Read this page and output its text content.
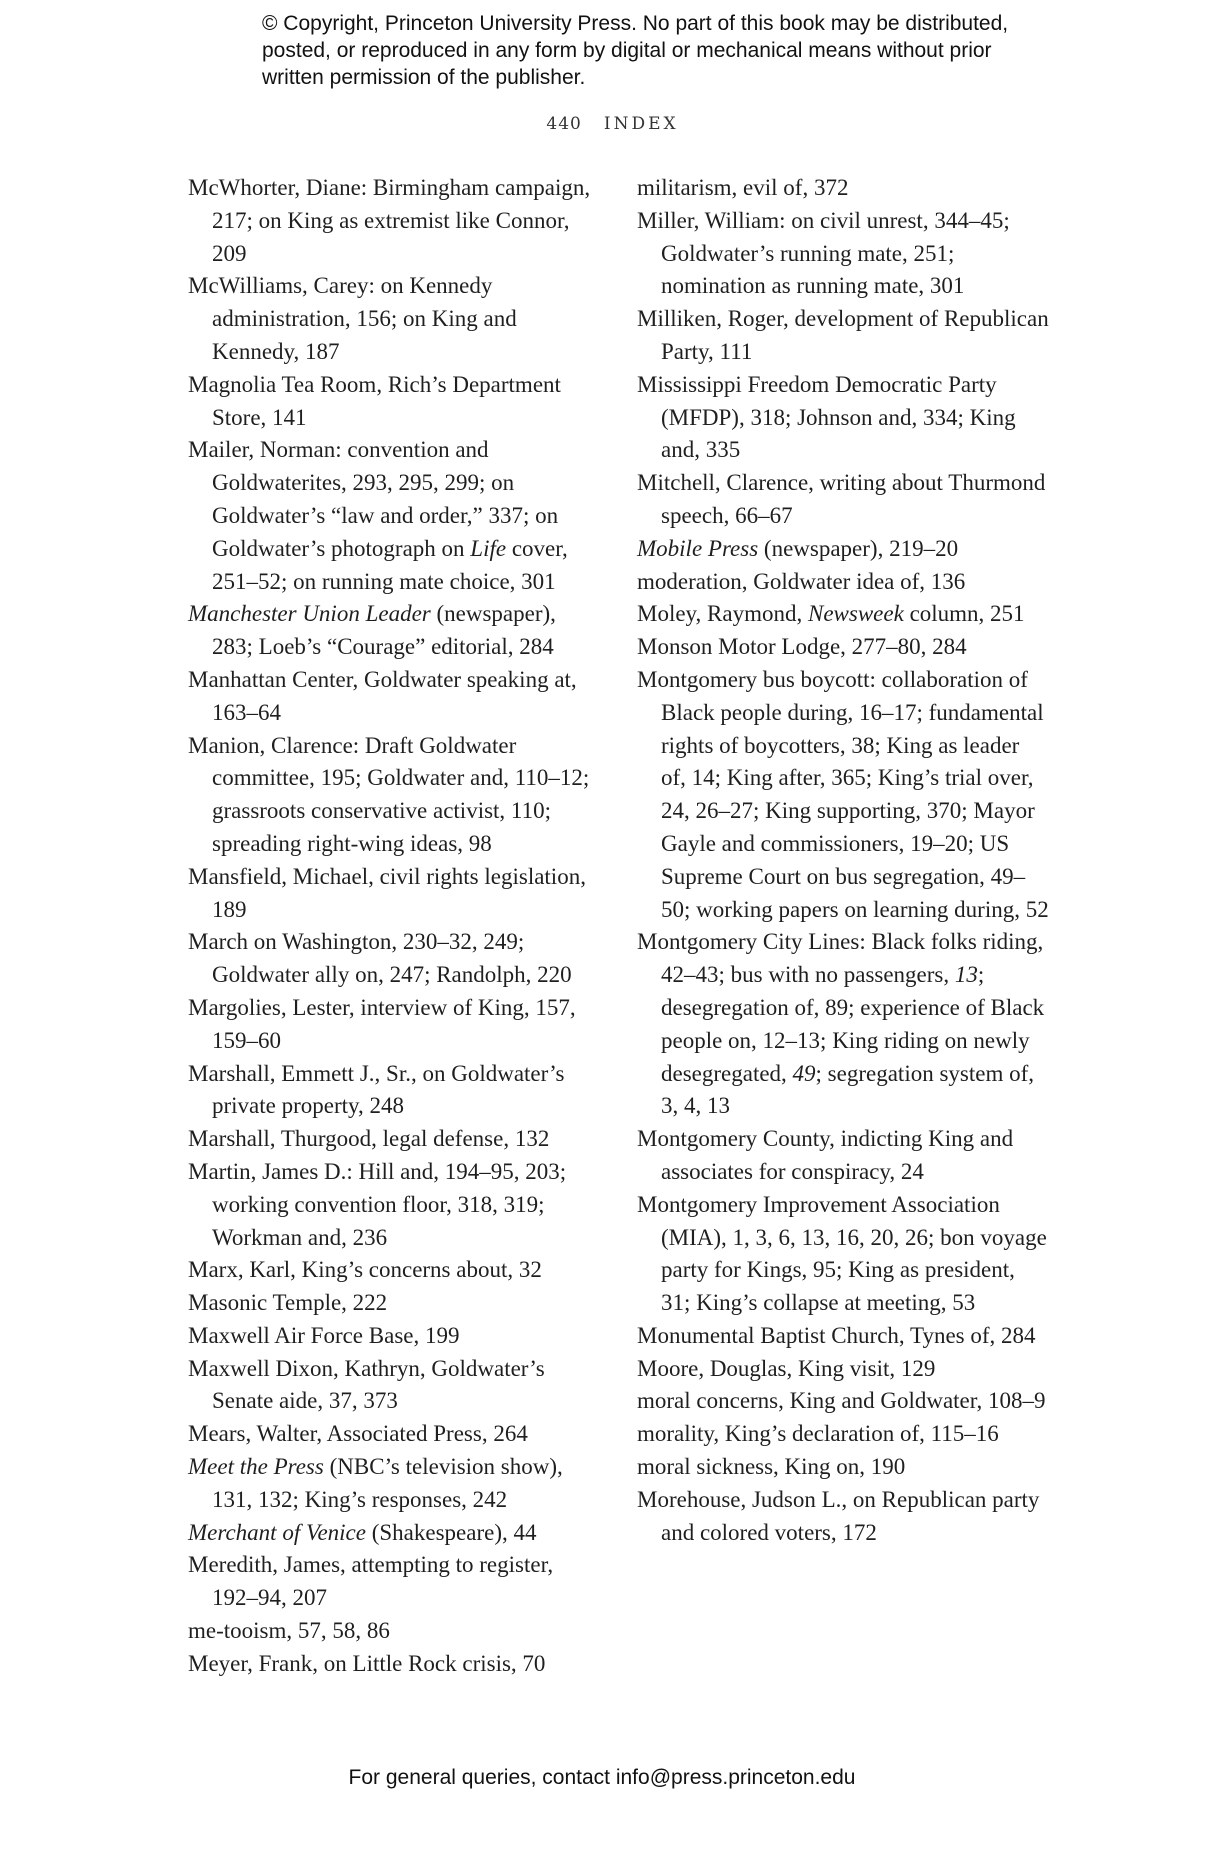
© Copyright, Princeton University Press. No part of this book may be distributed, posted, or reproduced in any form by digital or mechanical means without prior written permission of the publisher.
440 INDEX

McWhorter, Diane: Birmingham campaign, 217; on King as extremist like Connor, 209

McWilliams, Carey: on Kennedy administration, 156; on King and Kennedy, 187

Magnolia Tea Room, Rich’s Department Store, 141

Mailer, Norman: convention and Goldwaterites, 293, 295, 299; on Goldwater’s “law and order,” 337; on Goldwater’s photograph on Life cover, 251–52; on running mate choice, 301

Manchester Union Leader (newspaper), 283; Loeb’s “Courage” editorial, 284

Manhattan Center, Goldwater speaking at, 163–64

Manion, Clarence: Draft Goldwater committee, 195; Goldwater and, 110–12; grassroots conservative activist, 110; spreading right-wing ideas, 98

Mansfield, Michael, civil rights legislation, 189

March on Washington, 230–32, 249; Goldwater ally on, 247; Randolph, 220

Margolies, Lester, interview of King, 157, 159–60

Marshall, Emmett J., Sr., on Goldwater’s private property, 248

Marshall, Thurgood, legal defense, 132

Martin, James D.: Hill and, 194–95, 203; working convention floor, 318, 319; Workman and, 236

Marx, Karl, King’s concerns about, 32

Masonic Temple, 222

Maxwell Air Force Base, 199

Maxwell Dixon, Kathryn, Goldwater’s Senate aide, 37, 373

Mears, Walter, Associated Press, 264

Meet the Press (NBC’s television show), 131, 132; King’s responses, 242

Merchant of Venice (Shakespeare), 44

Meredith, James, attempting to register, 192–94, 207

me-tooism, 57, 58, 86

Meyer, Frank, on Little Rock crisis, 70

militarism, evil of, 372

Miller, William: on civil unrest, 344–45; Goldwater’s running mate, 251; nomination as running mate, 301

Milliken, Roger, development of Republican Party, 111

Mississippi Freedom Democratic Party (MFDP), 318; Johnson and, 334; King and, 335

Mitchell, Clarence, writing about Thurmond speech, 66–67

Mobile Press (newspaper), 219–20

moderation, Goldwater idea of, 136

Moley, Raymond, Newsweek column, 251

Monson Motor Lodge, 277–80, 284

Montgomery bus boycott: collaboration of Black people during, 16–17; fundamental rights of boycotters, 38; King as leader of, 14; King after, 365; King’s trial over, 24, 26–27; King supporting, 370; Mayor Gayle and commissioners, 19–20; US Supreme Court on bus segregation, 49–50; working papers on learning during, 52

Montgomery City Lines: Black folks riding, 42–43; bus with no passengers, 13; desegregation of, 89; experience of Black people on, 12–13; King riding on newly desegregated, 49; segregation system of, 3, 4, 13

Montgomery County, indicting King and associates for conspiracy, 24

Montgomery Improvement Association (MIA), 1, 3, 6, 13, 16, 20, 26; bon voyage party for Kings, 95; King as president, 31; King’s collapse at meeting, 53

Monumental Baptist Church, Tynes of, 284

Moore, Douglas, King visit, 129

moral concerns, King and Goldwater, 108–9

morality, King’s declaration of, 115–16

moral sickness, King on, 190

Morehouse, Judson L., on Republican party and colored voters, 172

For general queries, contact info@press.princeton.edu
